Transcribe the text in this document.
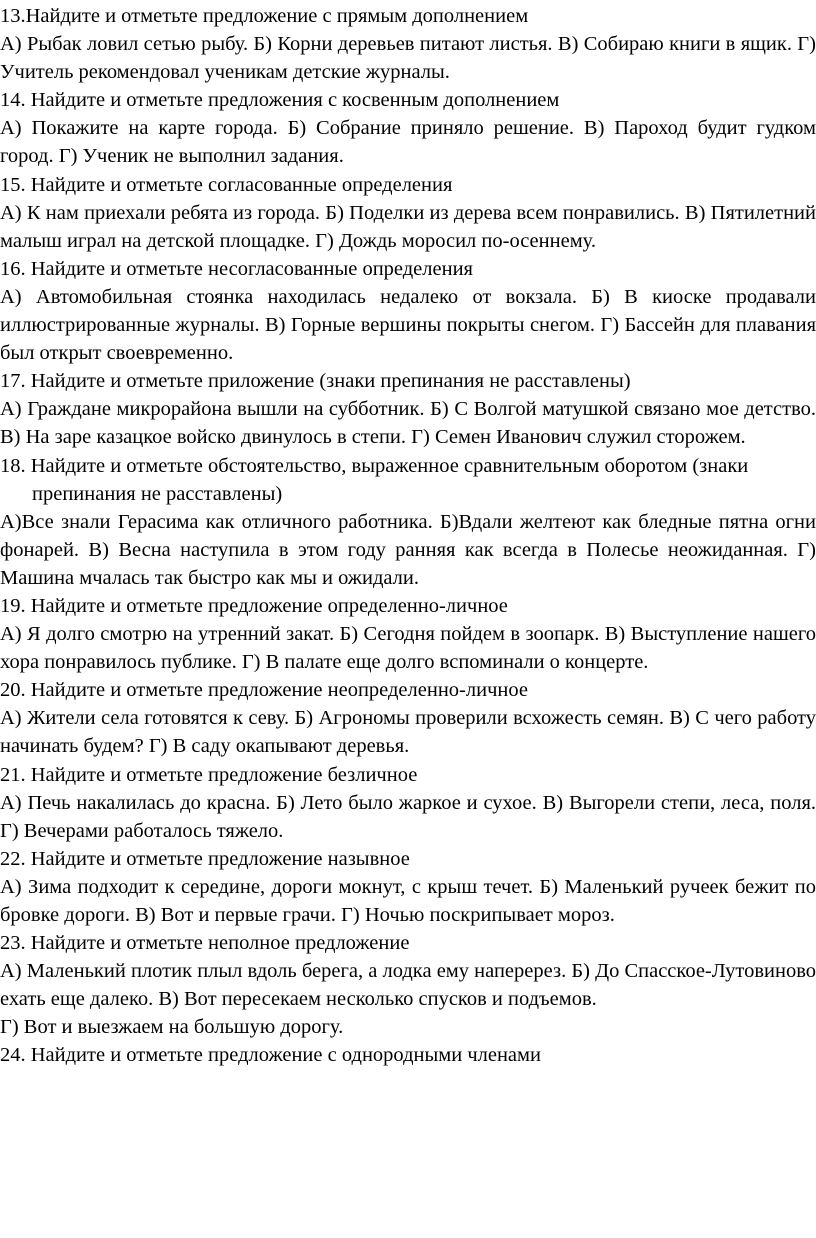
13.Найдите и отметьте предложение с прямым дополнением

А) Рыбак ловил сетью рыбу. Б) Корни деревьев питают листья. В) Собираю книги в ящик. Г) Учитель рекомендовал ученикам детские журналы.

14. Найдите и отметьте предложения с косвенным дополнением

А) Покажите на карте города. Б) Собрание приняло решение. В) Пароход будит гудком город. Г) Ученик не выполнил задания.

15. Найдите и отметьте согласованные определения

А) К нам приехали ребята из города. Б) Поделки из дерева всем понравились. В) Пятилетний малыш играл на детской площадке. Г) Дождь моросил по-осеннему.

16. Найдите и отметьте несогласованные определения

А) Автомобильная стоянка находилась недалеко от вокзала. Б) В киоске продавали иллюстрированные журналы. В) Горные вершины покрыты снегом. Г) Бассейн для плавания был открыт своевременно.

17. Найдите и отметьте приложение (знаки препинания не расставлены)

А) Граждане микрорайона вышли на субботник. Б) С Волгой матушкой связано мое детство. В) На заре казацкое войско двинулось в степи. Г) Семен Иванович служил сторожем.

18. Найдите и отметьте обстоятельство, выраженное сравнительным оборотом (знаки препинания не расставлены)

А)Все знали Герасима как отличного работника. Б)Вдали желтеют как бледные пятна огни фонарей. В) Весна наступила в этом году ранняя как всегда в Полесье неожиданная. Г) Машина мчалась так быстро как мы и ожидали.

19. Найдите и отметьте предложение определенно-личное

А) Я долго смотрю на утренний закат. Б) Сегодня пойдем в зоопарк. В) Выступление нашего хора понравилось публике. Г) В палате еще долго вспоминали о концерте.

20. Найдите и отметьте предложение неопределенно-личное

А) Жители села готовятся к севу. Б) Агрономы проверили всхожесть семян. В) С чего работу начинать будем? Г) В саду окапывают деревья.

21. Найдите и отметьте предложение безличное

А) Печь накалилась до красна. Б) Лето было жаркое и сухое. В) Выгорели степи, леса, поля. Г) Вечерами работалось тяжело.

22. Найдите и отметьте предложение назывное

А) Зима подходит к середине, дороги мокнут, с крыш течет. Б) Маленький ручеек бежит по бровке дороги. В) Вот и первые грачи. Г) Ночью поскрипывает мороз.

23. Найдите и отметьте неполное предложение

А) Маленький плотик плыл вдоль берега, а лодка ему наперерез. Б) До Спасское-Лутовиново ехать еще далеко. В) Вот пересекаем несколько спусков и подъемов.

Г) Вот и выезжаем на большую дорогу.

24. Найдите и отметьте предложение с однородными членами
